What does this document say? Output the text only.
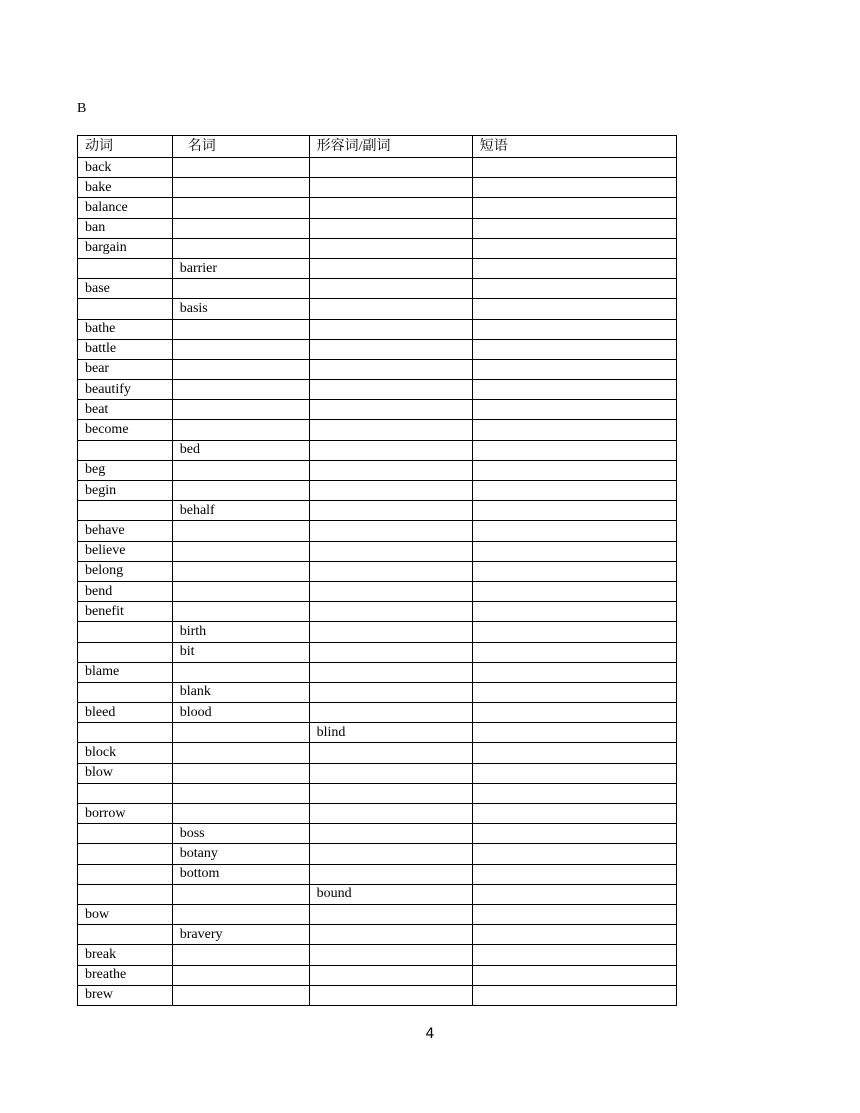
B
动词	名词	形容词/副词	短语
back			
bake			
balance			
ban			
bargain			
	barrier		
base			
	basis		
bathe			
battle			
bear			
beautify			
beat			
become			
	bed		
beg			
begin			
	behalf		
behave			
believe			
belong			
bend			
benefit			
	birth		
	bit		
blame			
	blank		
bleed	blood		
		blind	
block			
blow			

borrow			
	boss		
	botany		
	bottom		
		bound	
bow			
	bravery		
break			
breathe			
brew			
4
